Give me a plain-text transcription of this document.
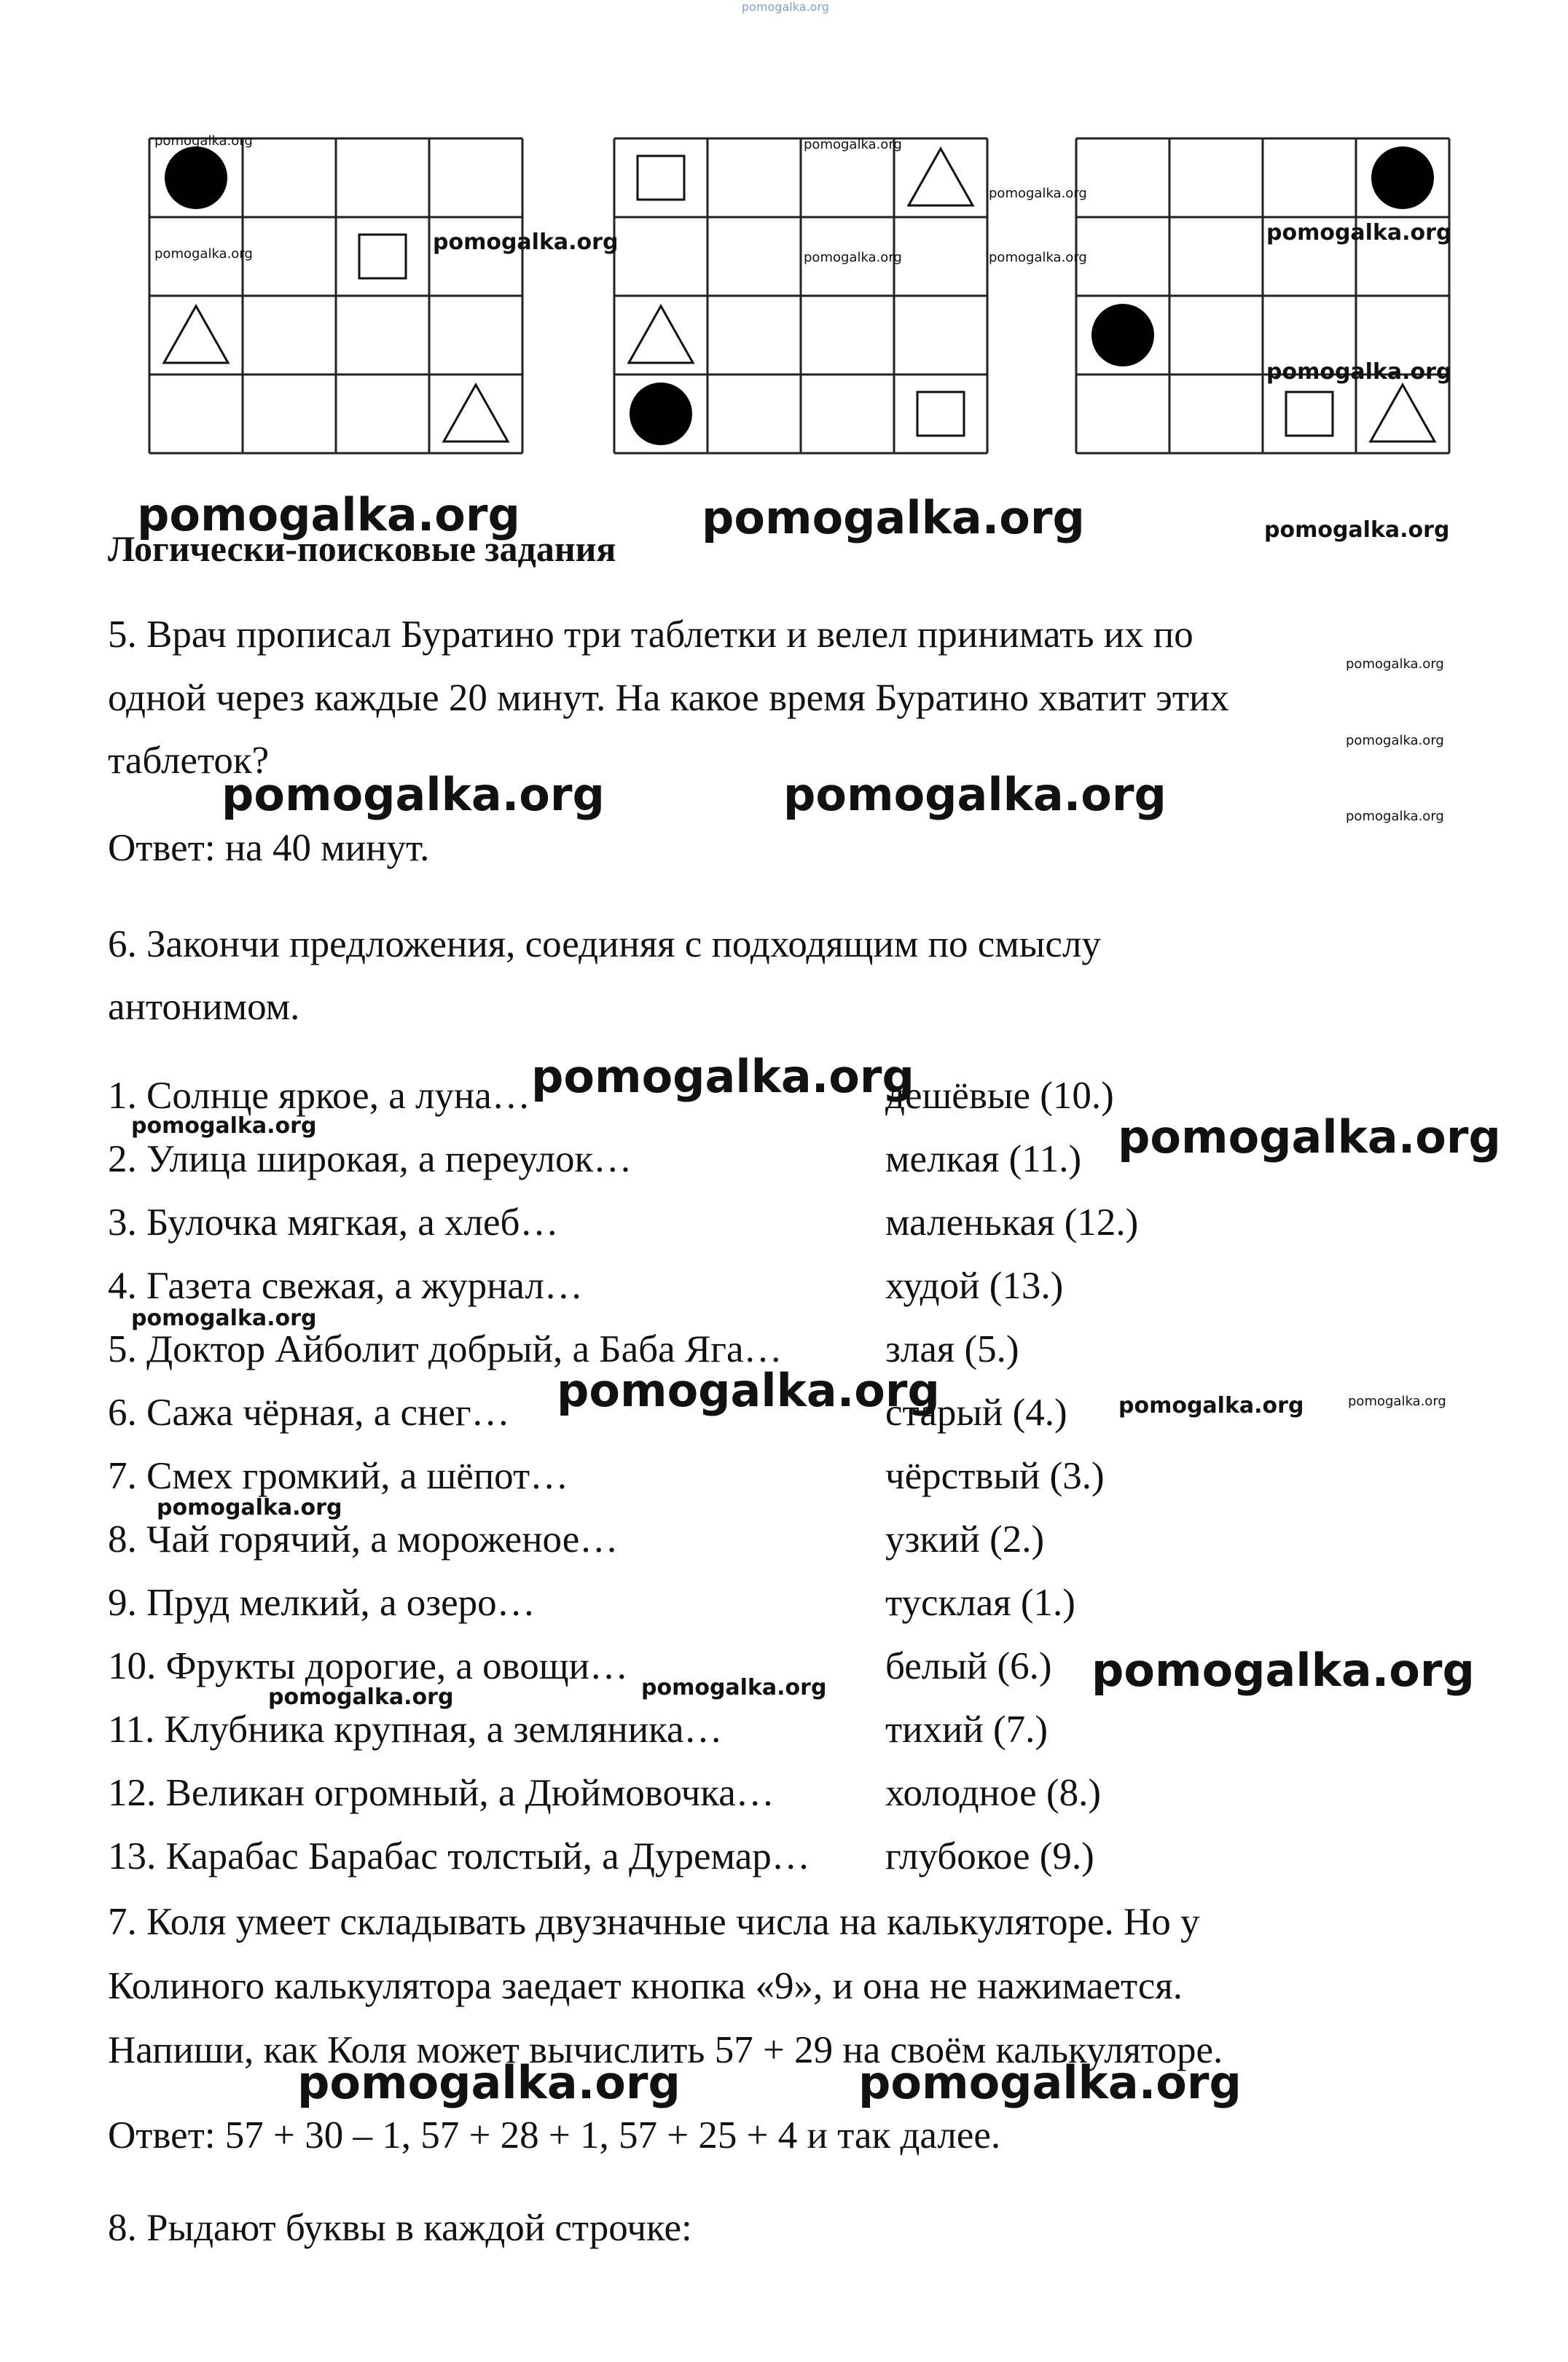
pomogalka.org
Логически-поисковые задания
5. Врач прописал Буратино три таблетки и велел принимать их по
одной через каждые 20 минут. На какое время Буратино хватит этих
таблеток?
Ответ: на 40 минут.
6. Закончи предложения, соединяя с подходящим по смыслу
антонимом.
1. Солнце яркое, а луна…	дешёвые (10.)
2. Улица широкая, а переулок…	мелкая (11.)
3. Булочка мягкая, а хлеб…	маленькая (12.)
4. Газета свежая, а журнал…	худой (13.)
5. Доктор Айболит добрый, а Баба Яга…	злая (5.)
6. Сажа чёрная, а снег…	старый (4.)
7. Смех громкий, а шёпот…	чёрствый (3.)
8. Чай горячий, а мороженое…	узкий (2.)
9. Пруд мелкий, а озеро…	тусклая (1.)
10. Фрукты дорогие, а овощи…	белый (6.)
11. Клубника крупная, а земляника…	тихий (7.)
12. Великан огромный, а Дюймовочка…	холодное (8.)
13. Карабас Барабас толстый, а Дуремар… глубокое (9.)
7. Коля умеет складывать двузначные числа на калькуляторе. Но у
Колиного калькулятора заедает кнопка «9», и она не нажимается.
Напиши, как Коля может вычислить 57 + 29 на своём калькуляторе.
Ответ: 57 + 30 – 1, 57 + 28 + 1, 57 + 25 + 4 и так далее.
8. Рыдают буквы в каждой строчке:
pomogalka.org	pomogalka.org
pomogalka.org
pomogalka.org	pomogalka.org
pomogalka.org	pomogalka.org
pomogalka.org
pomogalka.org
pomogalka.org	pomogalka.org	pomogalka.org
pomogalka.org
pomogalka.org
pomogalka.org
pomogalka.org	pomogalka.org
pomogalka.org
pomogalka.org	pomogalka.org
pomogalka.org
pomogalka.org	pomogalka.org	pomogalka.org
pomogalka.org
pomogalka.org
pomogalka.org	pomogalka.org
pomogalka.org	pomogalka.org
